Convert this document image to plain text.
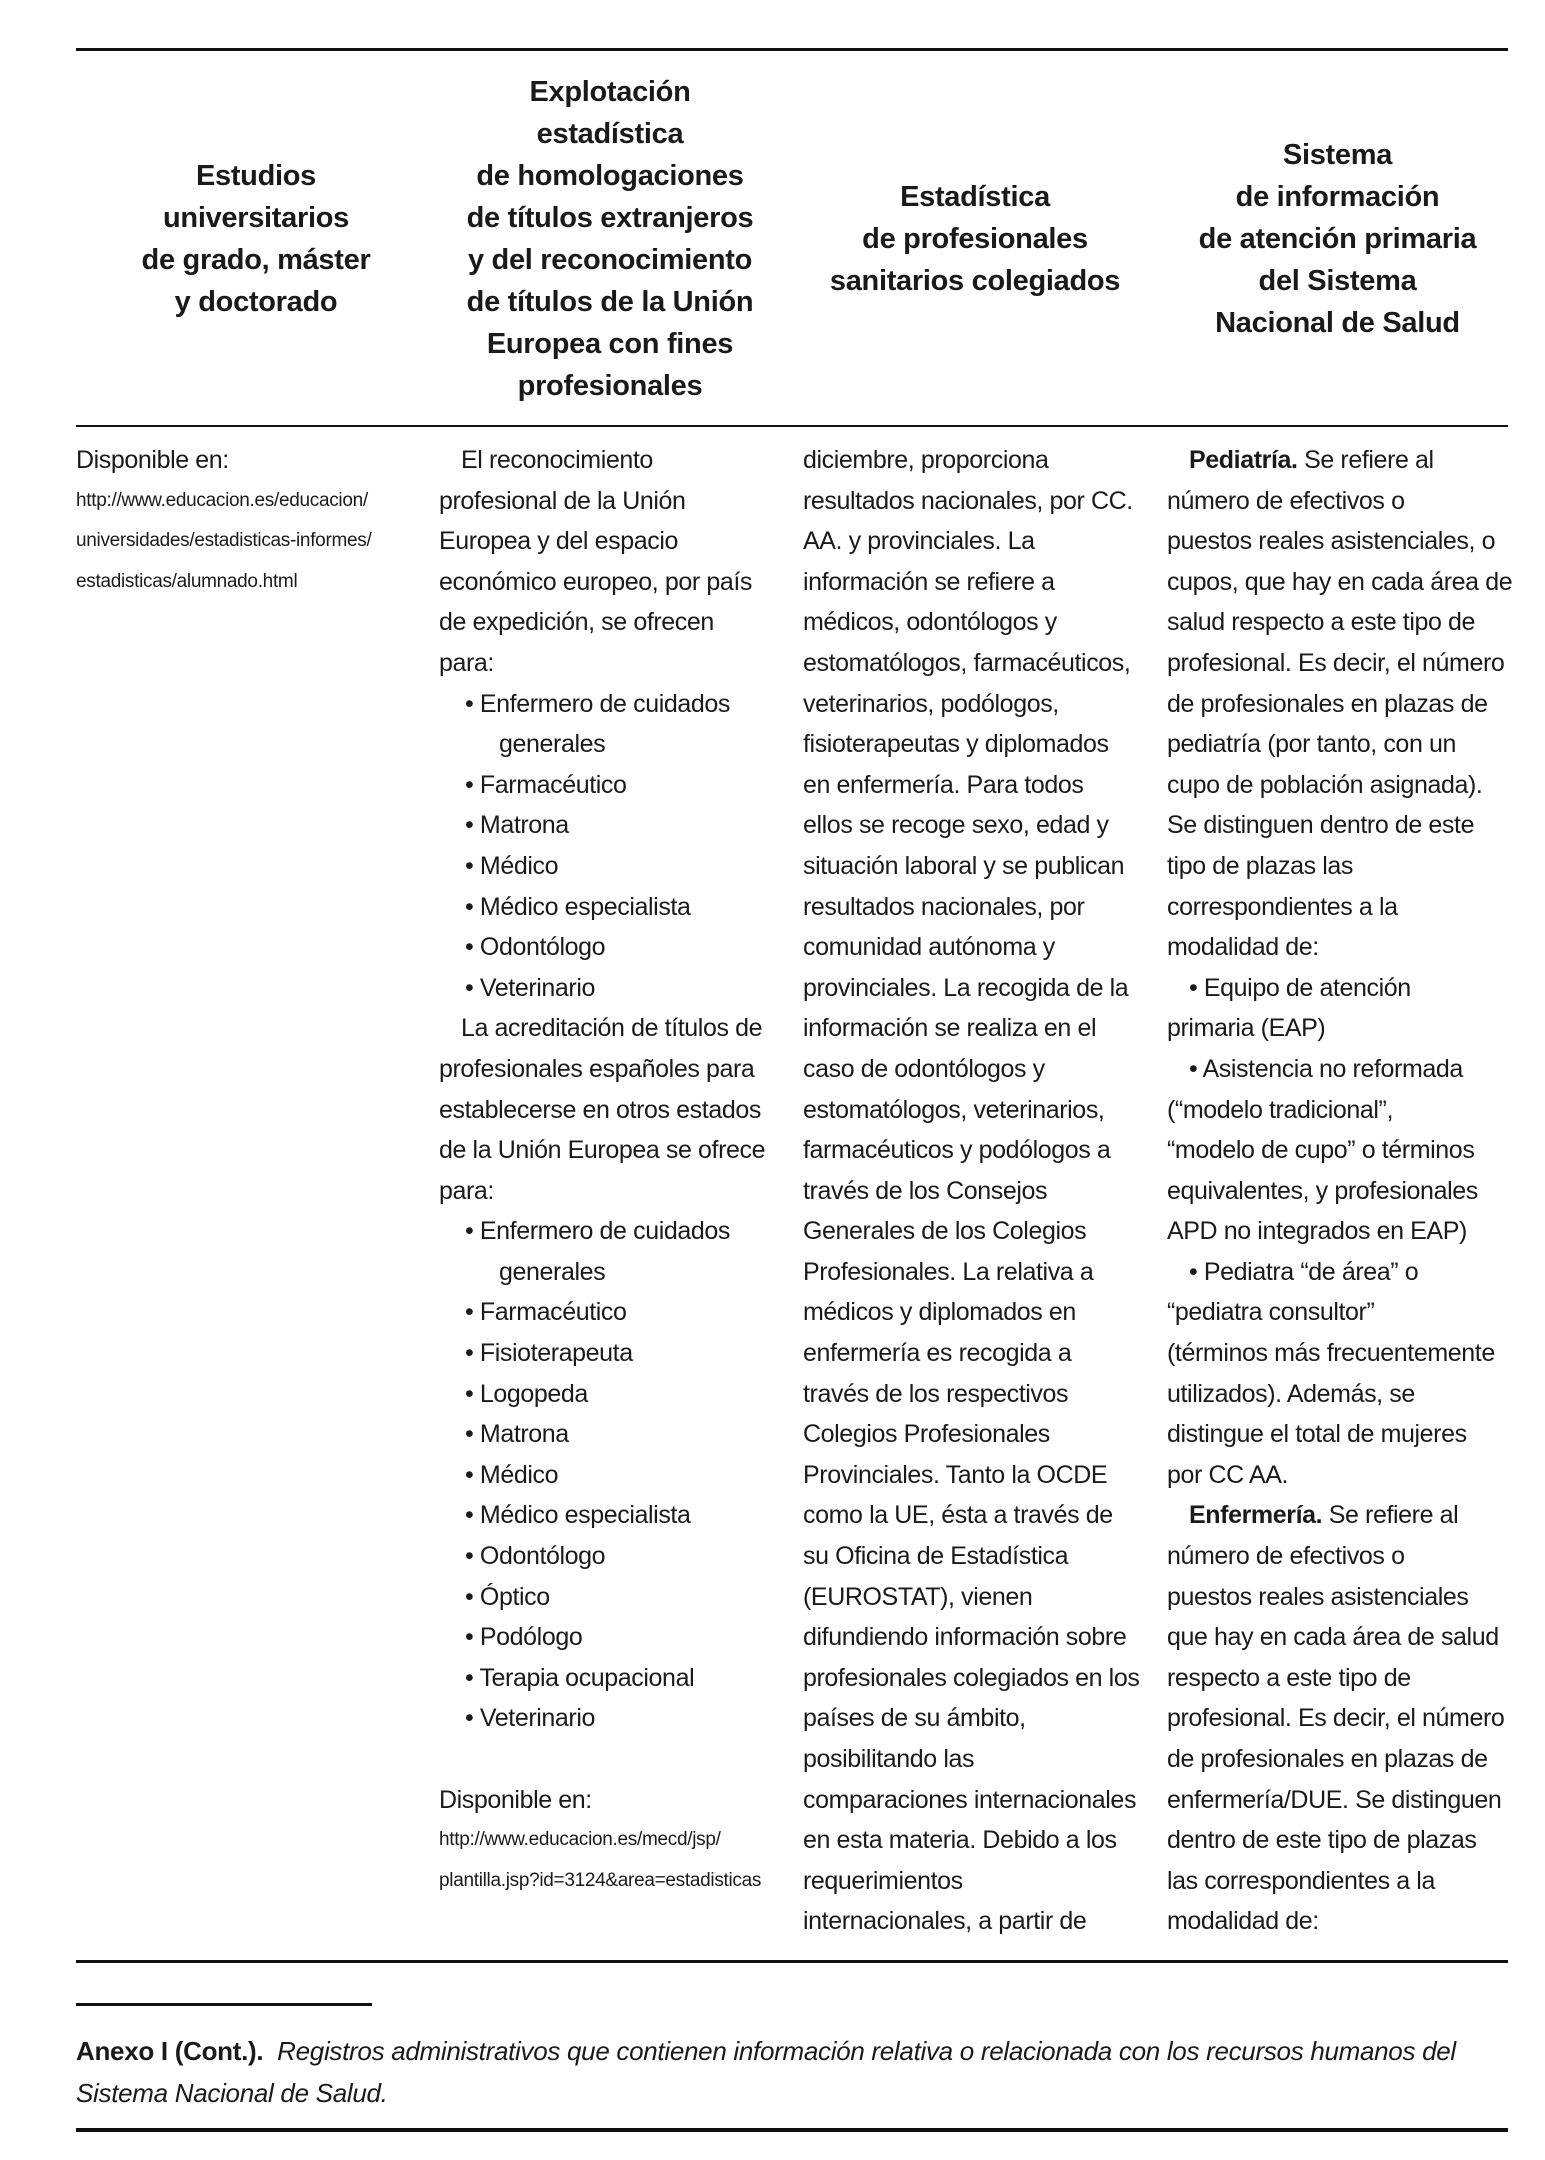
Estudios
universitarios
de grado, máster
y doctorado
Explotación
estadística
de homologaciones
de títulos extranjeros
y del reconocimiento
de títulos de la Unión
Europea con fines
profesionales
Estadística
de profesionales
sanitarios colegiados
Sistema
de información
de atención primaria
del Sistema
Nacional de Salud
Disponible en:
http://www.educacion.es/educacion/
universidades/estadisticas-informes/
estadisticas/alumnado.html
El reconocimiento
profesional de la Unión
Europea y del espacio
económico europeo, por país
de expedición, se ofrecen
para:
• Enfermero de cuidados
generales
• Farmacéutico
• Matrona
• Médico
• Médico especialista
• Odontólogo
• Veterinario
La acreditación de títulos de
profesionales españoles para
establecerse en otros estados
de la Unión Europea se ofrece
para:
• Enfermero de cuidados
generales
• Farmacéutico
• Fisioterapeuta
• Logopeda
• Matrona
• Médico
• Médico especialista
• Odontólogo
• Óptico
• Podólogo
• Terapia ocupacional
• Veterinario
Disponible en:
http://www.educacion.es/mecd/jsp/
plantilla.jsp?id=3124&area=estadisticas
diciembre, proporciona
resultados nacionales, por CC.
AA. y provinciales. La
información se refiere a
médicos, odontólogos y
estomatólogos, farmacéuticos,
veterinarios, podólogos,
fisioterapeutas y diplomados
en enfermería. Para todos
ellos se recoge sexo, edad y
situación laboral y se publican
resultados nacionales, por
comunidad autónoma y
provinciales. La recogida de la
información se realiza en el
caso de odontólogos y
estomatólogos, veterinarios,
farmacéuticos y podólogos a
través de los Consejos
Generales de los Colegios
Profesionales. La relativa a
médicos y diplomados en
enfermería es recogida a
través de los respectivos
Colegios Profesionales
Provinciales. Tanto la OCDE
como la UE, ésta a través de
su Oficina de Estadística
(EUROSTAT), vienen
difundiendo información sobre
profesionales colegiados en los
países de su ámbito,
posibilitando las
comparaciones internacionales
en esta materia. Debido a los
requerimientos
internacionales, a partir de
Pediatría. Se refiere al
número de efectivos o
puestos reales asistenciales, o
cupos, que hay en cada área de
salud respecto a este tipo de
profesional. Es decir, el número
de profesionales en plazas de
pediatría (por tanto, con un
cupo de población asignada).
Se distinguen dentro de este
tipo de plazas las
correspondientes a la
modalidad de:
• Equipo de atención
primaria (EAP)
• Asistencia no reformada
(“modelo tradicional”,
“modelo de cupo” o términos
equivalentes, y profesionales
APD no integrados en EAP)
• Pediatra “de área” o
“pediatra consultor”
(términos más frecuentemente
utilizados). Además, se
distingue el total de mujeres
por CC AA.
Enfermería. Se refiere al
número de efectivos o
puestos reales asistenciales
que hay en cada área de salud
respecto a este tipo de
profesional. Es decir, el número
de profesionales en plazas de
enfermería/DUE. Se distinguen
dentro de este tipo de plazas
las correspondientes a la
modalidad de:
Anexo I (Cont.). Registros administrativos que contienen información relativa o relacionada con los recursos humanos del Sistema Nacional de Salud.
